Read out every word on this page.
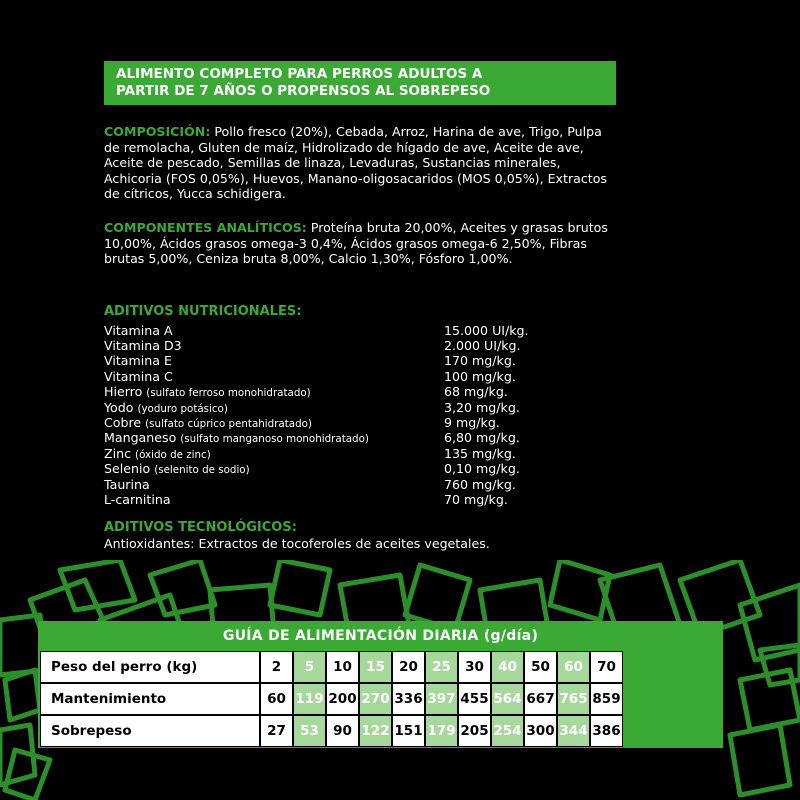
ALIMENTO COMPLETO PARA PERROS ADULTOS A
PARTIR DE 7 AÑOS O PROPENSOS AL SOBREPESO
COMPOSICIÓN: Pollo fresco (20%), Cebada, Arroz, Harina de ave, Trigo, Pulpa de remolacha, Gluten de maíz, Hidrolizado de hígado de ave, Aceite de ave, Aceite de pescado, Semillas de linaza, Levaduras, Sustancias minerales, Achicoria (FOS 0,05%), Huevos, Manano-oligosacaridos (MOS 0,05%), Extractos de cítricos, Yucca schidigera.
COMPONENTES ANALÍTICOS: Proteína bruta 20,00%, Aceites y grasas brutos 10,00%, Ácidos grasos omega-3 0,4%, Ácidos grasos omega-6 2,50%, Fibras brutas 5,00%, Ceniza bruta 8,00%, Calcio 1,30%, Fósforo 1,00%.
ADITIVOS NUTRICIONALES:
Vitamina A	15.000 UI/kg.
Vitamina D3	2.000 UI/kg.
Vitamina E	170 mg/kg.
Vitamina C	100 mg/kg.
Hierro (sulfato ferroso monohidratado)	68 mg/kg.
Yodo (yoduro potásico)	3,20 mg/kg.
Cobre (sulfato cúprico pentahidratado)	9 mg/kg.
Manganeso (sulfato manganoso monohidratado)	6,80 mg/kg.
Zinc (óxido de zinc)	135 mg/kg.
Selenio (selenito de sodio)	0,10 mg/kg.
Taurina	760 mg/kg.
L-carnitina	70 mg/kg.
ADITIVOS TECNOLÓGICOS:
Antioxidantes: Extractos de tocoferoles de aceites vegetales.
GUÍA DE ALIMENTACIÓN DIARIA (g/día)
Peso del perro (kg)	2	5	10	15	20	25	30	40	50	60	70
Mantenimiento	60	119	200	270	336	397	455	564	667	765	859
Sobrepeso	27	53	90	122	151	179	205	254	300	344	386
